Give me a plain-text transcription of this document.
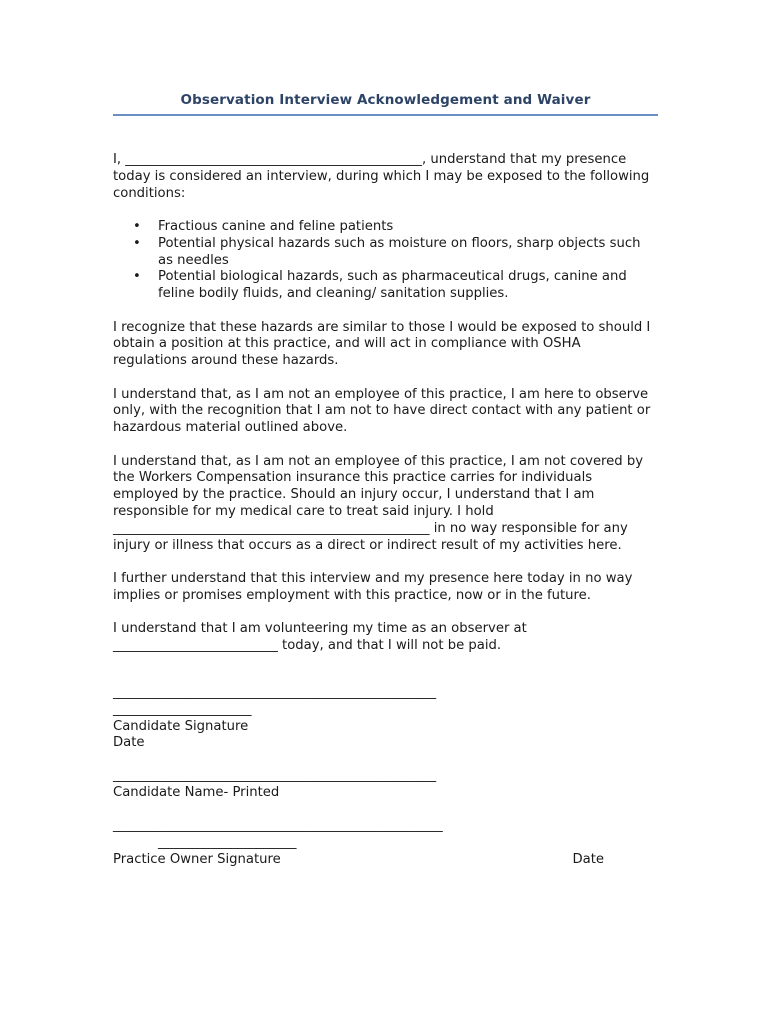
Observation Interview Acknowledgement and Waiver

I, _____________________________________________, understand that my presence today is considered an interview, during which I may be exposed to the following conditions:

• Fractious canine and feline patients
• Potential physical hazards such as moisture on floors, sharp objects such as needles
• Potential biological hazards, such as pharmaceutical drugs, canine and feline bodily fluids, and cleaning/ sanitation supplies.

I recognize that these hazards are similar to those I would be exposed to should I obtain a position at this practice, and will act in compliance with OSHA regulations around these hazards.

I understand that, as I am not an employee of this practice, I am here to observe only, with the recognition that I am not to have direct contact with any patient or hazardous material outlined above.

I understand that, as I am not an employee of this practice, I am not covered by the Workers Compensation insurance this practice carries for individuals employed by the practice. Should an injury occur, I understand that I am responsible for my medical care to treat said injury. I hold ________________________________________________ in no way responsible for any injury or illness that occurs as a direct or indirect result of my activities here.

I further understand that this interview and my presence here today in no way implies or promises employment with this practice, now or in the future.

I understand that I am volunteering my time as an observer at _________________________ today, and that I will not be paid.

_________________________________________________
_____________________
Candidate Signature
Date
_________________________________________________
Candidate Name- Printed
__________________________________________________
_____________________
Practice Owner Signature	Date
